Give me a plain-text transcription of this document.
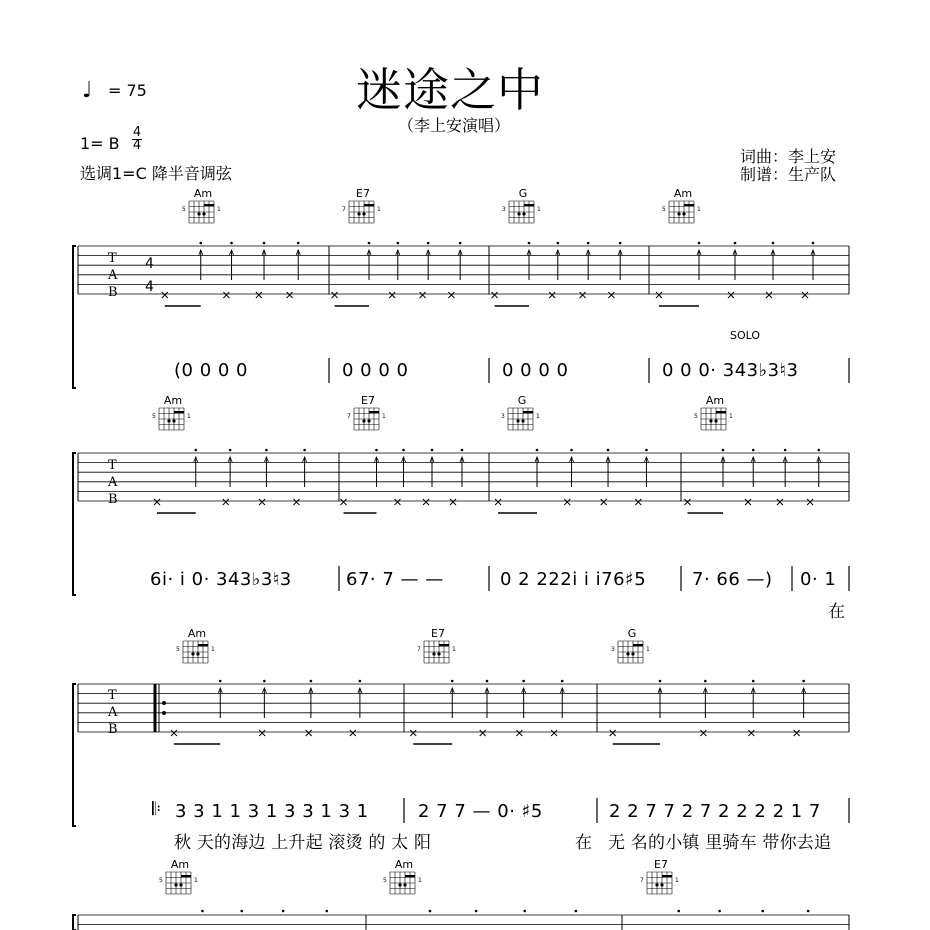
迷途之中
（李上安演唱）
♩ = 75
1= B
4
4
选调1=C 降半音调弦
词曲：李上安
制谱：生产队
Am	E7	G	Am
Am	E7	G	Am
Am	E7	G
Am	Am	E7
5	1	7	1	3	1	5	1
5	1	7	1	3	1	5	1
5	1	7	1	3	1
5	1	5	1	7	1
T
A
B
4
4
T
A
B
T
A
B
SOLO
(0 0 0 0	0 0 0 0	0 0 0 0	0 0 0· 343♭3♮3
6i· i 0· 343♭3♮3	67· 7 — —	0 2 222i i i76♯5	7· 66 —) 0· 1
在
𝄆 3 3 1 1 3 1 3 3 1 3 1	2 7 7 — 0· ♯5	2 2 7 7 2 7 2 2 2 2 1 7
秋 天的海边 上升起 滚烫 的 太 阳	在 无 名的小镇 里骑车 带你去追
